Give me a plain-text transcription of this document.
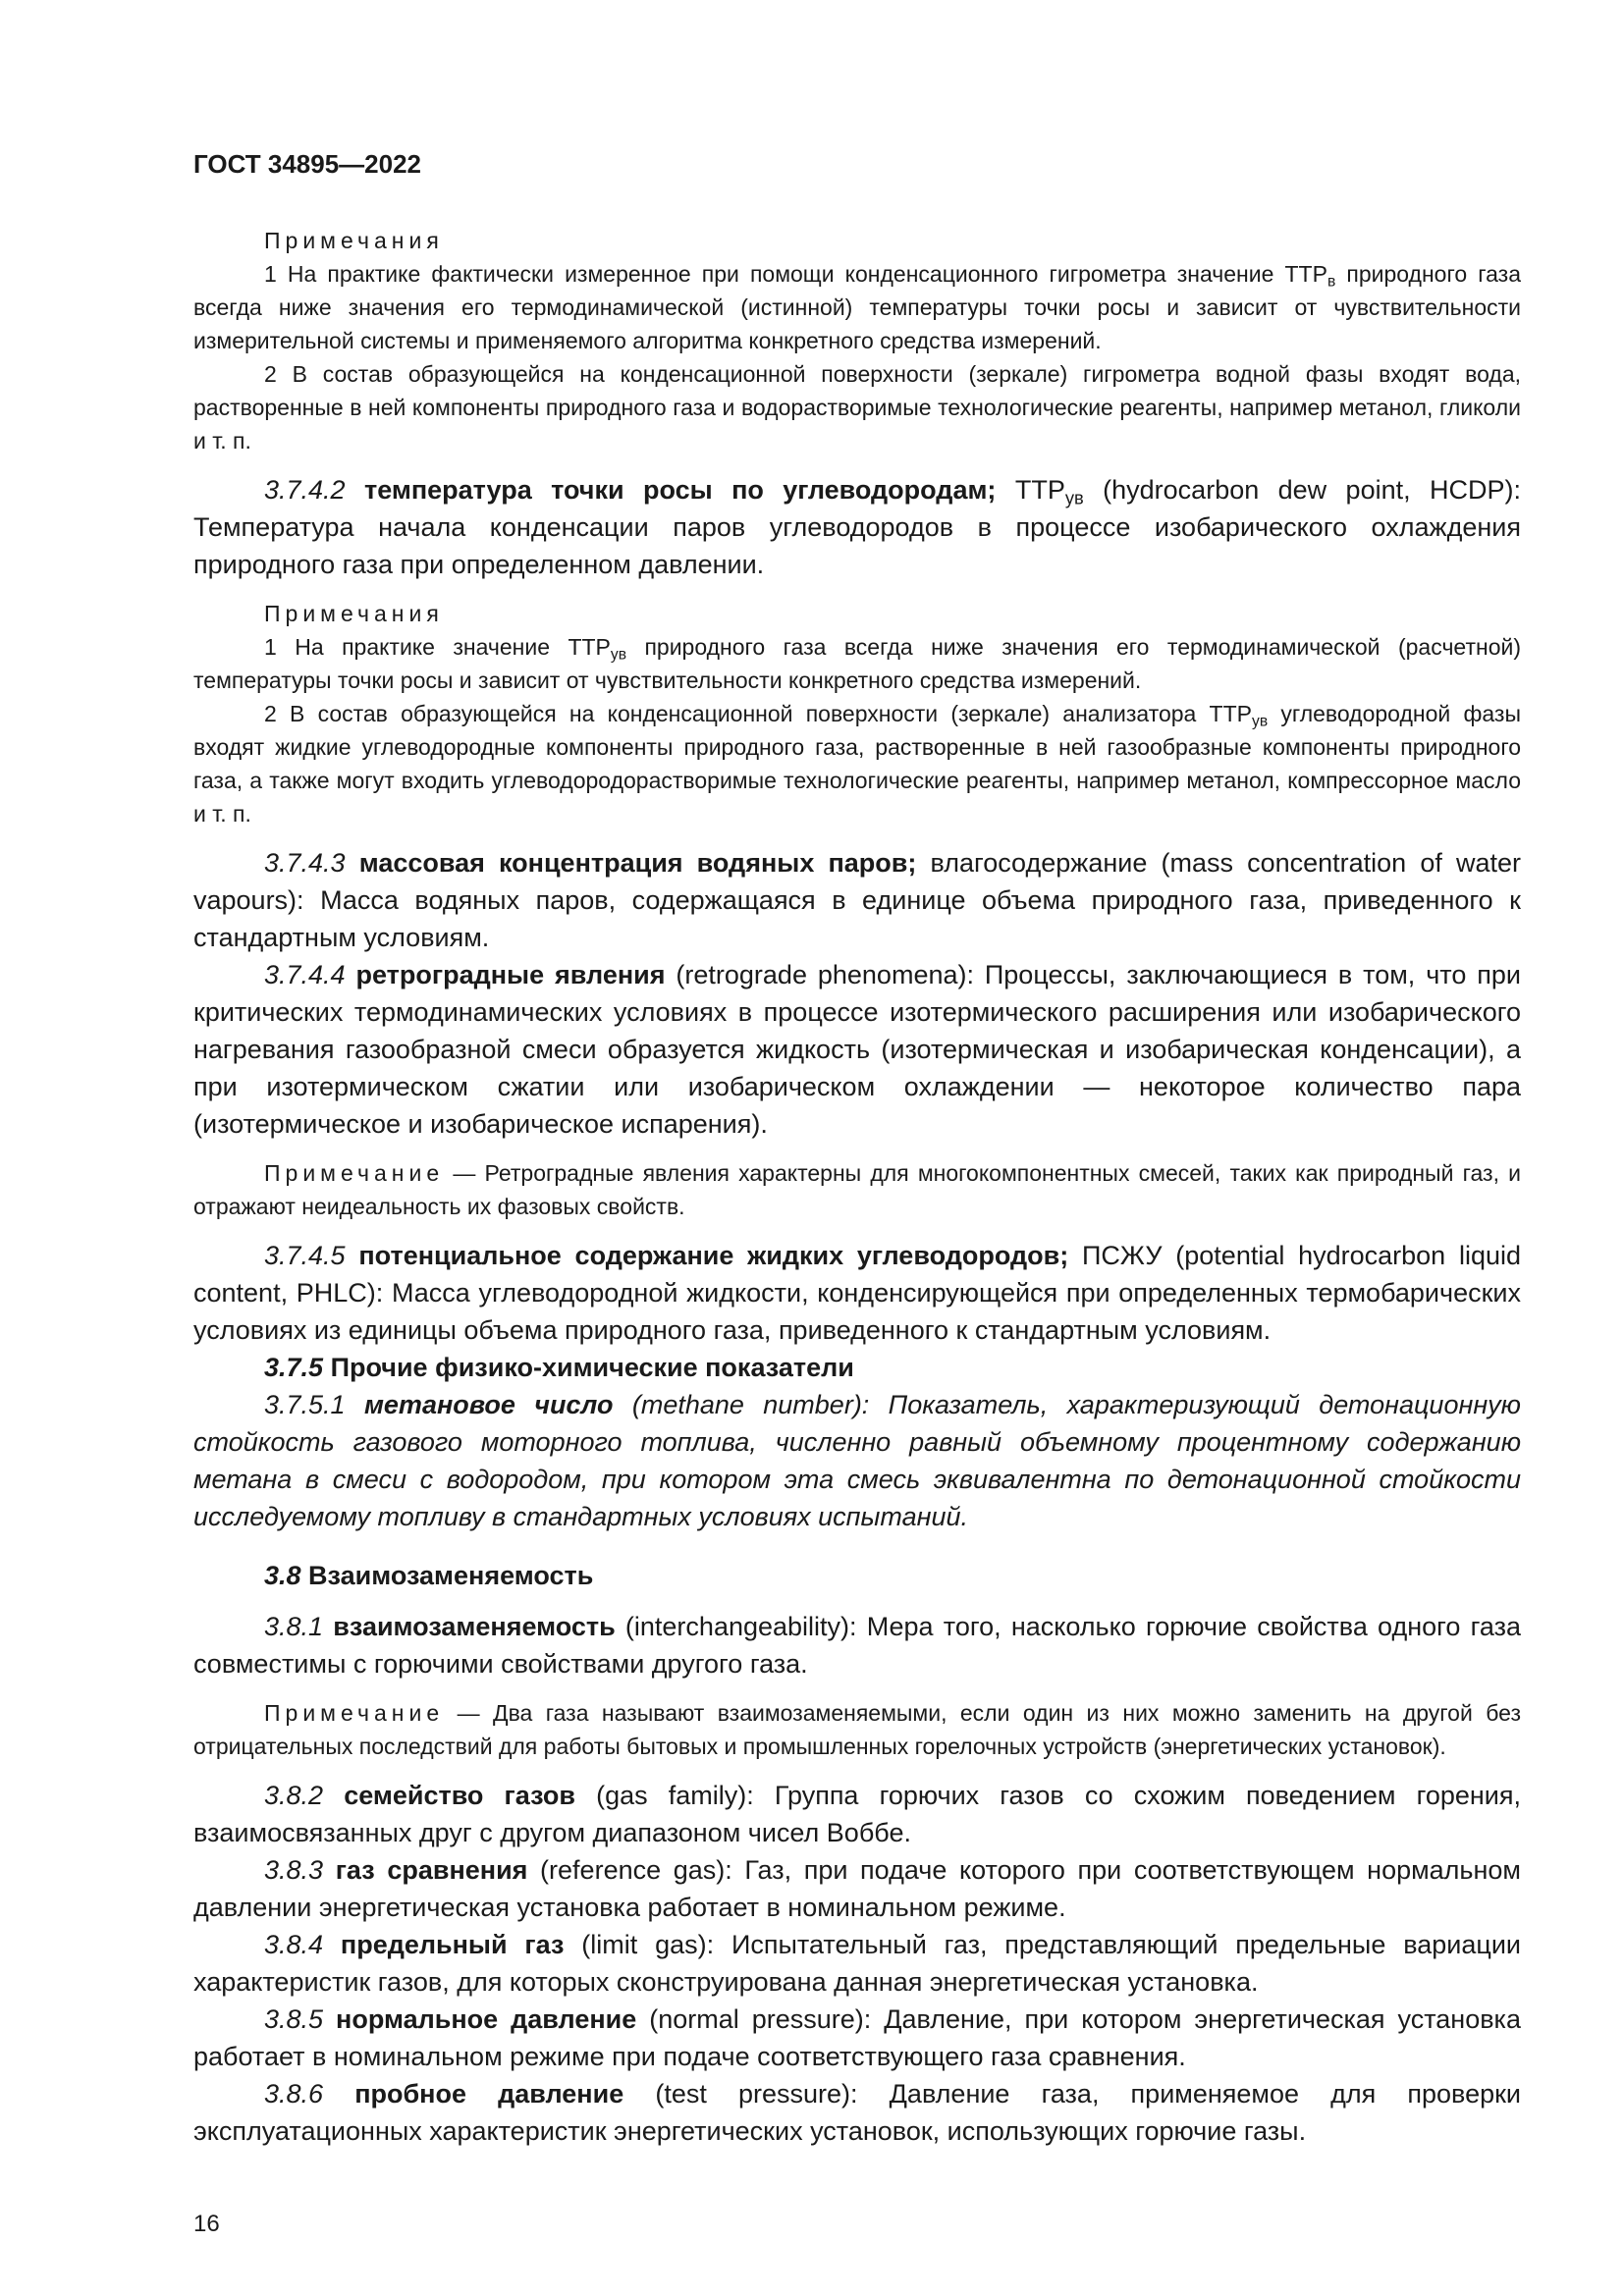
ГОСТ 34895—2022
Примечания

1 На практике фактически измеренное при помощи конденсационного гигрометра значение $ТТР_в$ природного газа всегда ниже значения его термодинамической (истинной) температуры точки росы и зависит от чувствительности измерительной системы и применяемого алгоритма конкретного средства измерений.

2 В состав образующейся на конденсационной поверхности (зеркале) гигрометра водной фазы входят вода, растворенные в ней компоненты природного газа и водорастворимые технологические реагенты, например метанол, гликоли и т. п.

3.7.4.2 температура точки росы по углеводородам; $ТТР_{ув}$ (hydrocarbon dew point, HCDP): Температура начала конденсации паров углеводородов в процессе изобарического охлаждения природного газа при определенном давлении.

Примечания

1 На практике значение $ТТР_{ув}$ природного газа всегда ниже значения его термодинамической (расчетной) температуры точки росы и зависит от чувствительности конкретного средства измерений.

2 В состав образующейся на конденсационной поверхности (зеркале) анализатора $ТТР_{ув}$ углеводородной фазы входят жидкие углеводородные компоненты природного газа, растворенные в ней газообразные компоненты природного газа, а также могут входить углеводородорастворимые технологические реагенты, например метанол, компрессорное масло и т. п.

3.7.4.3 массовая концентрация водяных паров; влагосодержание (mass concentration of water vapours): Масса водяных паров, содержащаяся в единице объема природного газа, приведенного к стандартным условиям.

3.7.4.4 ретроградные явления (retrograde phenomena): Процессы, заключающиеся в том, что при критических термодинамических условиях в процессе изотермического расширения или изобарического нагревания газообразной смеси образуется жидкость (изотермическая и изобарическая конденсации), а при изотермическом сжатии или изобарическом охлаждении — некоторое количество пара (изотермическое и изобарическое испарения).

Примечание — Ретроградные явления характерны для многокомпонентных смесей, таких как природный газ, и отражают неидеальность их фазовых свойств.

3.7.4.5 потенциальное содержание жидких углеводородов; ПСЖУ (potential hydrocarbon liquid content, PHLC): Масса углеводородной жидкости, конденсирующейся при определенных термобарических условиях из единицы объема природного газа, приведенного к стандартным условиям.

3.7.5 Прочие физико-химические показатели

3.7.5.1 метановое число (methane number): Показатель, характеризующий детонационную стойкость газового моторного топлива, численно равный объемному процентному содержанию метана в смеси с водородом, при котором эта смесь эквивалентна по детонационной стойкости исследуемому топливу в стандартных условиях испытаний.

3.8 Взаимозаменяемость

3.8.1 взаимозаменяемость (interchangeability): Мера того, насколько горючие свойства одного газа совместимы с горючими свойствами другого газа.

Примечание — Два газа называют взаимозаменяемыми, если один из них можно заменить на другой без отрицательных последствий для работы бытовых и промышленных горелочных устройств (энергетических установок).

3.8.2 семейство газов (gas family): Группа горючих газов со схожим поведением горения, взаимосвязанных друг с другом диапазоном чисел Воббе.

3.8.3 газ сравнения (reference gas): Газ, при подаче которого при соответствующем нормальном давлении энергетическая установка работает в номинальном режиме.

3.8.4 предельный газ (limit gas): Испытательный газ, представляющий предельные вариации характеристик газов, для которых сконструирована данная энергетическая установка.

3.8.5 нормальное давление (normal pressure): Давление, при котором энергетическая установка работает в номинальном режиме при подаче соответствующего газа сравнения.

3.8.6 пробное давление (test pressure): Давление газа, применяемое для проверки эксплуатационных характеристик энергетических установок, использующих горючие газы.

16
